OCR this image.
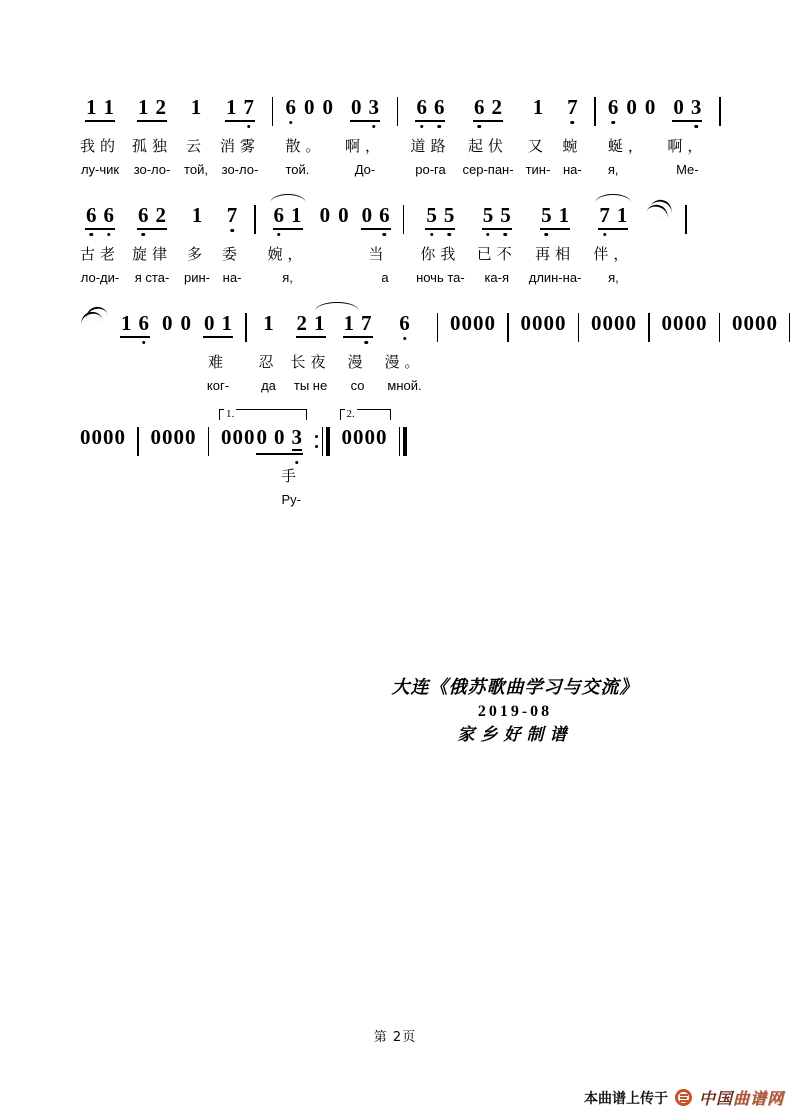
1 1
我的
лу-чик
1 2
孤独
зо-ло-
1
云
той,
1 7
消雾
зо-ло-
6 0 0
散。
той.
0 3
啊，
До-
6 6
道路
ро-га
6 2
起伏
сер-пан-
1
又
тин-
7
蜿
на-
6 0 0
蜒，
я,
0 3
啊，
Ме-
6 6
古老
ло-ди-
6 2
旋律
я ста-
1
多
рин-
7
委
на-
6 1
婉，
я,
0 0 0 6
当
а
5 5
你我
ночь та-
5 5
已不
ка-я
5 1
再相
длин-на-
7 1
伴，
я,
1 6 0 0 0 1
难
ког-
1
忍
да
2 1
长夜
ты не
1 7
漫
со
6
漫。
мной.
0 0 0 0 0 0 0 0 0 0 0 0 0 0 0 0 0 0 0 0
0 0 0 0 0 0 0 0
1.
0 0 0 0 0 3
手
Ру-
2.
0 0 0 0
大连《俄苏歌曲学习与交流》
2019-08
家乡好制谱
第 2页
本曲谱上传于 中国曲谱网
